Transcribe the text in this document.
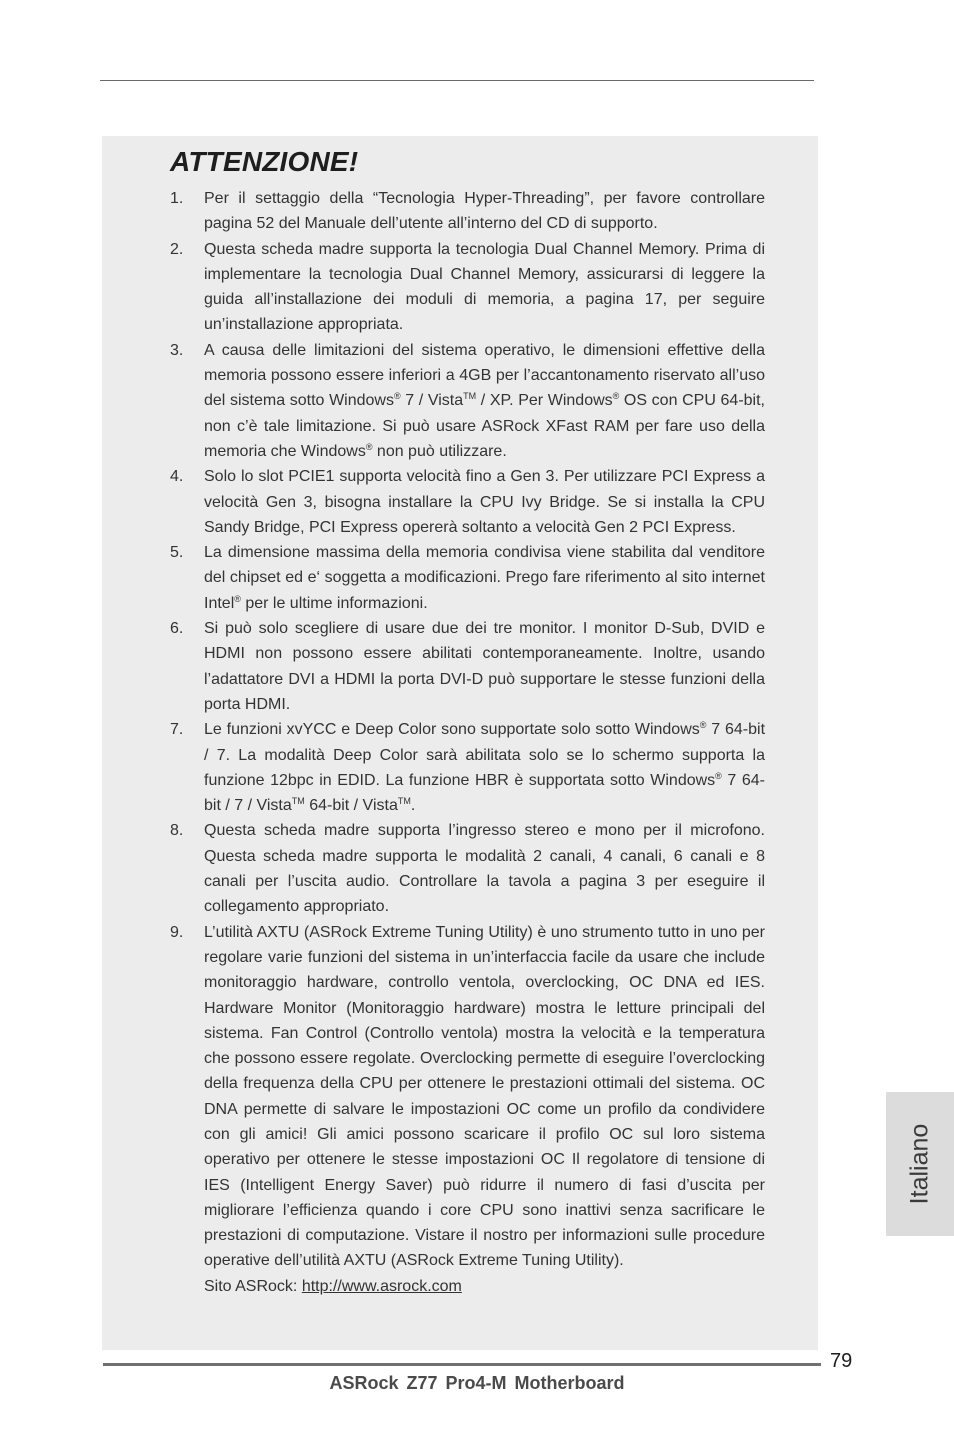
ATTENZIONE!
1.	Per il settaggio della “Tecnologia Hyper-Threading”, per favore controllare pagina 52 del Manuale dell’utente all’interno del CD di supporto.
2.	Questa scheda madre supporta la tecnologia Dual Channel Memory. Prima di implementare la tecnologia Dual Channel Memory, assicurarsi di leggere la guida all’installazione dei moduli di memoria, a pagina 17, per seguire un’installazione appropriata.
3.	A causa delle limitazioni del sistema operativo, le dimensioni effettive della memoria possono essere inferiori a 4GB per l’accantonamento riservato all’uso del sistema sotto Windows® 7 / Vista™ / XP. Per Windows® OS con CPU 64-bit, non c’è tale limitazione. Si può usare ASRock XFast RAM per fare uso della memoria che Windows® non può utilizzare.
4.	Solo lo slot PCIE1 supporta velocità fino a Gen 3. Per utilizzare PCI Express a velocità Gen 3, bisogna installare la CPU Ivy Bridge. Se si installa la CPU Sandy Bridge, PCI Express opererà soltanto a velocità Gen 2 PCI Express.
5.	La dimensione massima della memoria condivisa viene stabilita dal venditore del chipset ed e‘ soggetta a modificazioni. Prego fare riferimento al sito internet Intel® per le ultime informazioni.
6.	Si può solo scegliere di usare due dei tre monitor. I monitor D-Sub, DVID e HDMI non possono essere abilitati contemporaneamente. Inoltre, usando l’adattatore DVI a HDMI la porta DVI-D può supportare le stesse funzioni della porta HDMI.
7.	Le funzioni xvYCC e Deep Color sono supportate solo sotto Windows® 7 64-bit / 7. La modalità Deep Color sarà abilitata solo se lo schermo supporta la funzione 12bpc in EDID. La funzione HBR è supportata sotto Windows® 7 64-bit / 7 / Vista™ 64-bit / Vista™.
8.	Questa scheda madre supporta l’ingresso stereo e mono per il microfono. Questa scheda madre supporta le modalità 2 canali, 4 canali, 6 canali e 8 canali per l’uscita audio. Controllare la tavola a pagina 3 per eseguire il collegamento appropriato.
9.	L’utilità AXTU (ASRock Extreme Tuning Utility) è uno strumento tutto in uno per regolare varie funzioni del sistema in un’interfaccia facile da usare che include monitoraggio hardware, controllo ventola, overclocking, OC DNA ed IES. Hardware Monitor (Monitoraggio hardware) mostra le letture principali del sistema. Fan Control (Controllo ventola) mostra la velocità e la temperatura che possono essere regolate. Overclocking permette di eseguire l’overclocking della frequenza della CPU per ottenere le prestazioni ottimali del sistema. OC DNA permette di salvare le impostazioni OC come un profilo da condividere con gli amici! Gli amici possono scaricare il profilo OC sul loro sistema operativo per ottenere le stesse impostazioni OC Il regolatore di tensione di IES (Intelligent Energy Saver) può ridurre il numero di fasi d’uscita per migliorare l’efficienza quando i core CPU sono inattivi senza sacrificare le prestazioni di computazione. Vistare il nostro per informazioni sulle procedure operative dell’utilità AXTU (ASRock Extreme Tuning Utility).
Sito ASRock: http://www.asrock.com
Italiano
79
ASRock Z77 Pro4-M Motherboard
